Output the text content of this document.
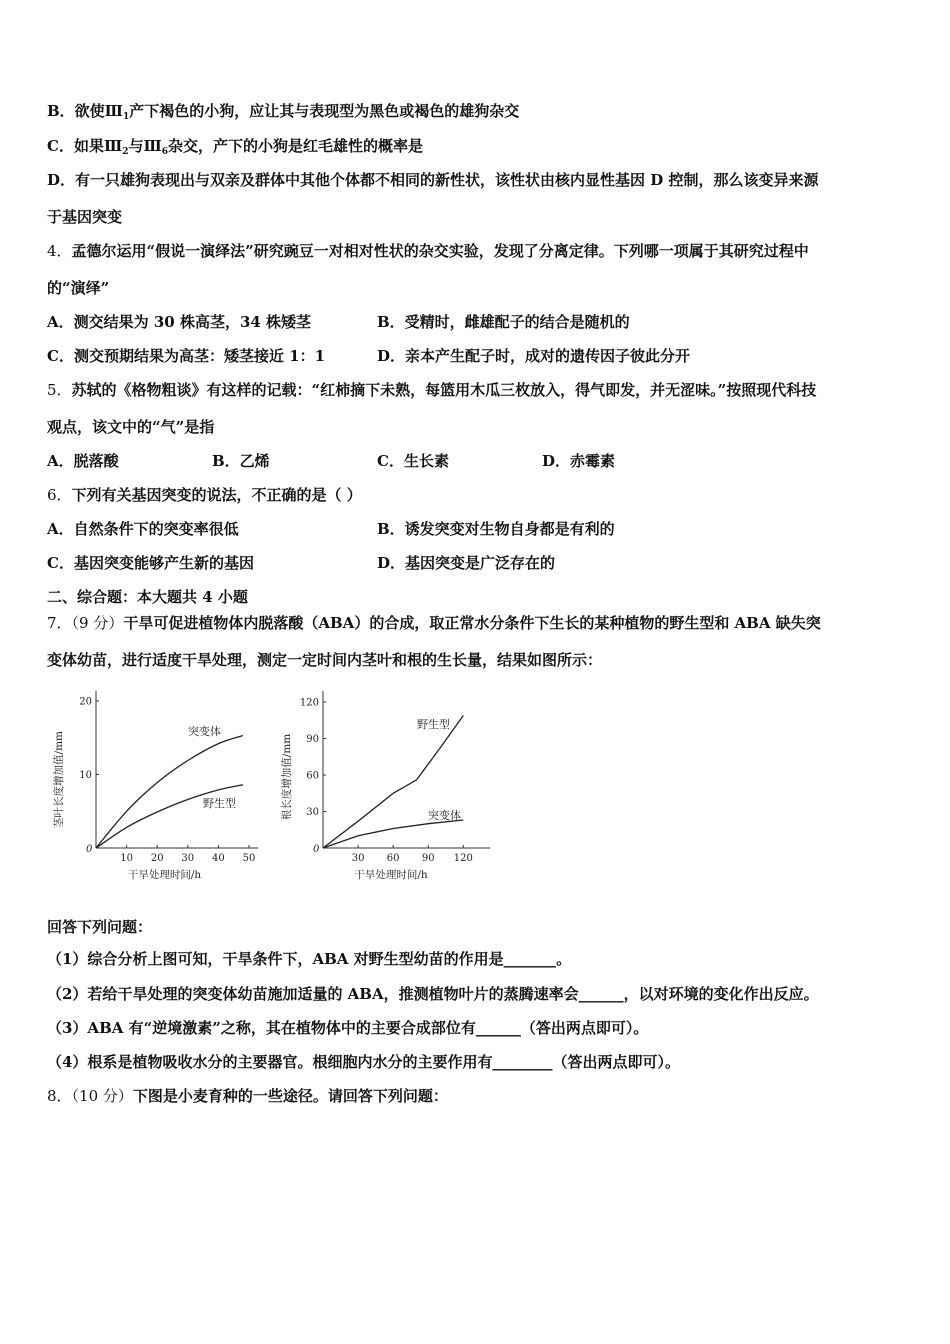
B．欲使$Ⅲ_1$产下褐色的小狗，应让其与表现型为黑色或褐色的雄狗杂交
C．如果$Ⅲ_2$与$Ⅲ_6$杂交，产下的小狗是红毛雄性的概率是
D．有一只雄狗表现出与双亲及群体中其他个体都不相同的新性状，该性状由核内显性基因 D 控制，那么该变异来源
于基因突变
4．孟德尔运用“假说一演绎法”研究豌豆一对相对性状的杂交实验，发现了分离定律。下列哪一项属于其研究过程中
的“演绎”
A．测交结果为 30 株高茎，34 株矮茎	B．受精时，雌雄配子的结合是随机的
C．测交预期结果为高茎：矮茎接近 1：1	D．亲本产生配子时，成对的遗传因子彼此分开
5．苏轼的《格物粗谈》有这样的记载：“红柿摘下未熟，每篮用木瓜三枚放入，得气即发，并无涩味。”按照现代科技
观点，该文中的“气”是指
A．脱落酸	B．乙烯	C．生长素	D．赤霉素
6．下列有关基因突变的说法，不正确的是（ ）
A．自然条件下的突变率很低	B．诱发突变对生物自身都是有利的
C．基因突变能够产生新的基因	D．基因突变是广泛存在的
二、综合题：本大题共 4 小题
7．（9 分）干旱可促进植物体内脱落酸（ABA）的合成，取正常水分条件下生长的某种植物的野生型和 ABA 缺失突
变体幼苗，进行适度干旱处理，测定一定时间内茎叶和根的生长量，结果如图所示：
0
10 20 30 40 50
10
20
干旱处理时间/h
茎叶长度增加值/mm	突变体
野生型
0
30 60 90 120
30
60
90
120
干旱处理时间/h
根长度增加值/mm
野生型
突变体
回答下列问题：
（1）综合分析上图可知，干旱条件下，ABA 对野生型幼苗的作用是_______。
（2）若给干旱处理的突变体幼苗施加适量的 ABA，推测植物叶片的蒸腾速率会______，以对环境的变化作出反应。
（3）ABA 有“逆境激素”之称，其在植物体中的主要合成部位有______（答出两点即可）。
（4）根系是植物吸收水分的主要器官。根细胞内水分的主要作用有________（答出两点即可）。
8．（10 分）下图是小麦育种的一些途径。请回答下列问题：
